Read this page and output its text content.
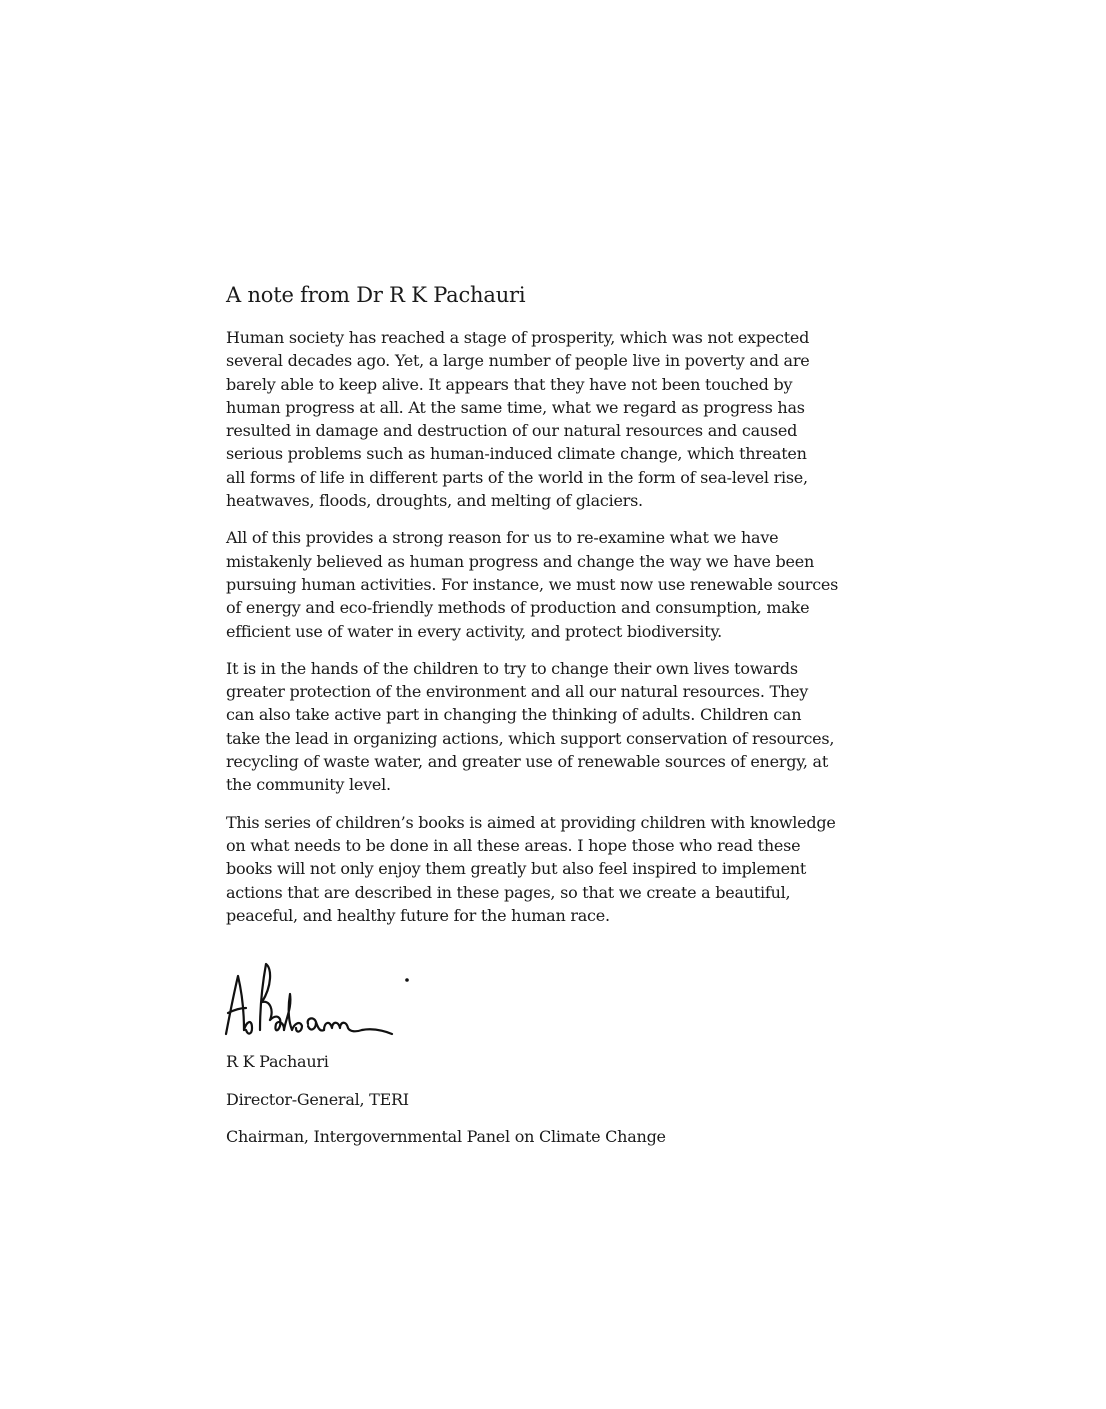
A note from Dr R K Pachauri

Human society has reached a stage of prosperity, which was not expected
several decades ago. Yet, a large number of people live in poverty and are
barely able to keep alive. It appears that they have not been touched by
human progress at all. At the same time, what we regard as progress has
resulted in damage and destruction of our natural resources and caused
serious problems such as human-induced climate change, which threaten
all forms of life in different parts of the world in the form of sea-level rise,
heatwaves, floods, droughts, and melting of glaciers.

All of this provides a strong reason for us to re-examine what we have
mistakenly believed as human progress and change the way we have been
pursuing human activities. For instance, we must now use renewable sources
of energy and eco-friendly methods of production and consumption, make
efficient use of water in every activity, and protect biodiversity.

It is in the hands of the children to try to change their own lives towards
greater protection of the environment and all our natural resources. They
can also take active part in changing the thinking of adults. Children can
take the lead in organizing actions, which support conservation of resources,
recycling of waste water, and greater use of renewable sources of energy, at
the community level.

This series of children’s books is aimed at providing children with knowledge
on what needs to be done in all these areas. I hope those who read these
books will not only enjoy them greatly but also feel inspired to implement
actions that are described in these pages, so that we create a beautiful,
peaceful, and healthy future for the human race.

R K Pachauri
Director-General, TERI
Chairman, Intergovernmental Panel on Climate Change
